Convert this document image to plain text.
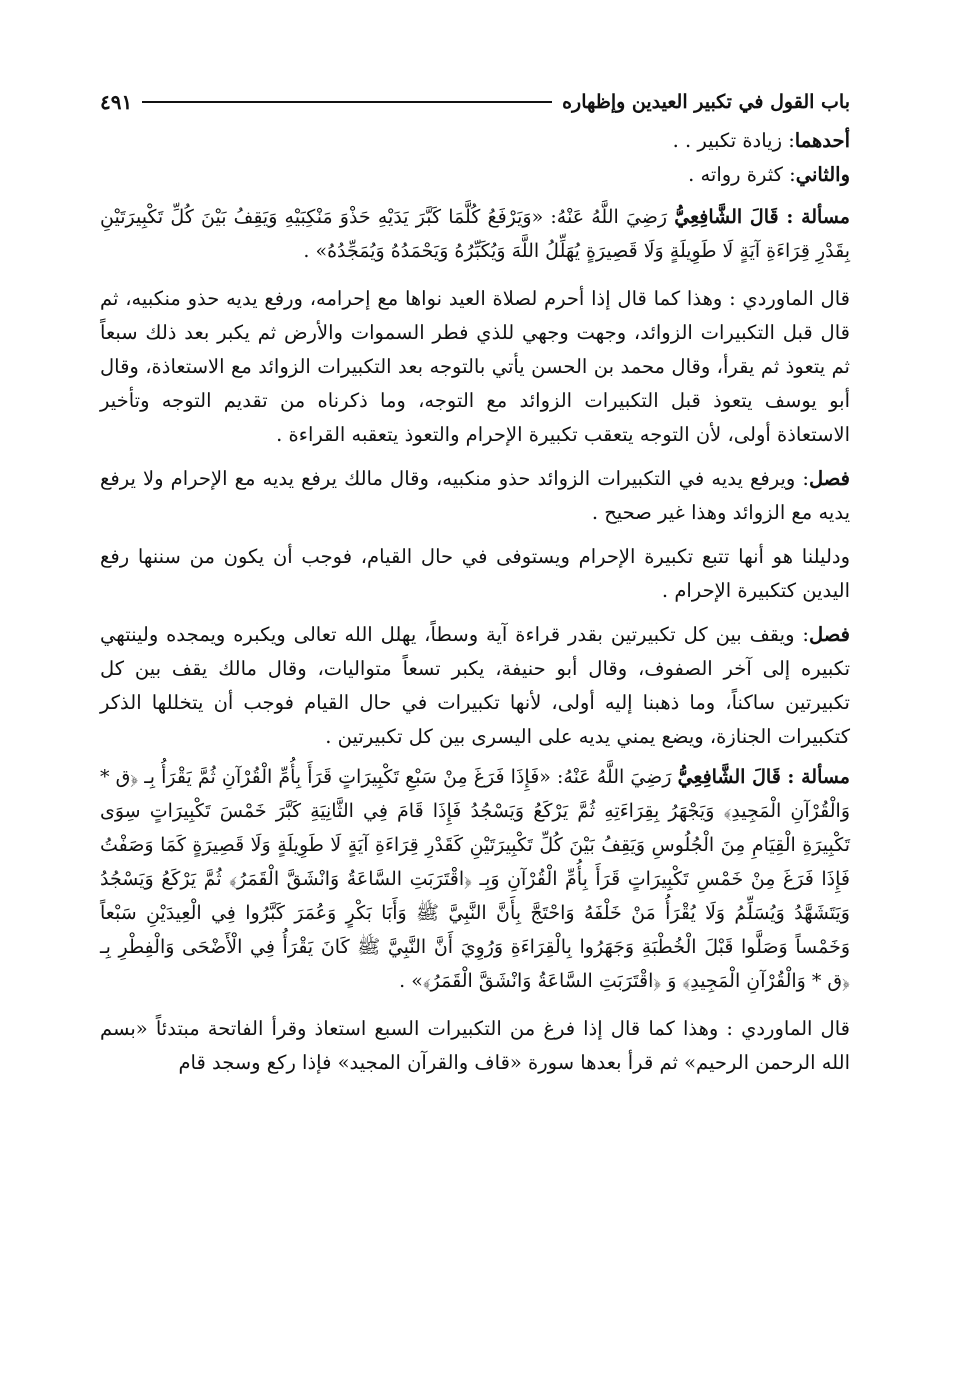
باب القول في تكبير العيدين وإظهاره
٤٩١

أحدهما: زيادة تكبير . .

والثاني: كثرة رواته .

مسألة : قَالَ الشَّافِعِيُّ رَضِيَ اللَّهُ عَنْهُ: «وَيَرْفَعُ كُلَّمَا كَبَّرَ يَدَيْهِ حَذْوَ مَنْكِبَيْهِ وَيَقِفُ بَيْنَ كُلِّ تَكْبِيرَتَيْنِ بِقَدْرِ قِرَاءَةِ آيَةٍ لَا طَوِيلَةٍ وَلَا قَصِيرَةٍ يُهَلِّلُ اللَّهَ وَيُكَبِّرُهُ وَيَحْمَدُهُ وَيُمَجِّدُهُ» .

قال الماوردي : وهذا كما قال إذا أحرم لصلاة العيد نواها مع إحرامه، ورفع يديه حذو منكبيه، ثم قال قبل التكبيرات الزوائد، وجهت وجهي للذي فطر السموات والأرض ثم يكبر بعد ذلك سبعاً ثم يتعوذ ثم يقرأ، وقال محمد بن الحسن يأتي بالتوجه بعد التكبيرات الزوائد مع الاستعاذة، وقال أبو يوسف يتعوذ قبل التكبيرات الزوائد مع التوجه، وما ذكرناه من تقديم التوجه وتأخير الاستعاذة أولى، لأن التوجه يتعقب تكبيرة الإحرام والتعوذ يتعقبه القراءة .

فصل: ويرفع يديه في التكبيرات الزوائد حذو منكبيه، وقال مالك يرفع يديه مع الإحرام ولا يرفع يديه مع الزوائد وهذا غير صحيح .

ودليلنا هو أنها تتبع تكبيرة الإحرام ويستوفى في حال القيام، فوجب أن يكون من سننها رفع اليدين كتكبيرة الإحرام .

فصل: ويقف بين كل تكبيرتين بقدر قراءة آية وسطاً، يهلل الله تعالى ويكبره ويمجده ولينتهي تكبيره إلى آخر الصفوف، وقال أبو حنيفة، يكبر تسعاً متواليات، وقال مالك يقف بين كل تكبيرتين ساكناً، وما ذهبنا إليه أولى، لأنها تكبيرات في حال القيام فوجب أن يتخللها الذكر كتكبيرات الجنازة، ويضع يمني يديه على اليسرى بين كل تكبيرتين .

مسألة : قَالَ الشَّافِعِيُّ رَضِيَ اللَّهُ عَنْهُ: «فَإِذَا فَرَغَ مِنْ سَبْعِ تَكْبِيرَاتٍ قَرَأَ بِأُمِّ الْقُرْآنِ ثُمَّ يَقْرَأُ بِـ ﴿ق * وَالْقُرْآنِ الْمَجِيدِ﴾ وَيَجْهَرُ بِقِرَاءَتِهِ ثُمَّ يَرْكَعُ وَيَسْجُدُ فَإِذَا قَامَ فِي الثَّانِيَةِ كَبَّرَ خَمْسَ تَكْبِيرَاتٍ سِوَى تَكْبِيرَةِ الْقِيَامِ مِنَ الْجُلُوسِ وَيَقِفُ بَيْنَ كُلِّ تَكْبِيرَتَيْنِ كَقَدْرِ قِرَاءَةِ آيَةٍ لَا طَوِيلَةٍ وَلَا قَصِيرَةٍ كَمَا وَصَفْتُ فَإِذَا فَرَغَ مِنْ خَمْسِ تَكْبِيرَاتٍ قَرَأَ بِأُمِّ الْقُرْآنِ وَبِـ ﴿اقْتَرَبَتِ السَّاعَةُ وَانْشَقَّ الْقَمَرُ﴾ ثُمَّ يَرْكَعُ وَيَسْجُدُ وَيَتَشَهَّدُ وَيُسَلِّمُ وَلَا يُقْرَأُ مَنْ خَلْفَهُ وَاحْتَجَّ بِأَنَّ النَّبِيَّ ﷺ وَأَبَا بَكْرٍ وَعُمَرَ كَبَّرُوا فِي الْعِيدَيْنِ سَبْعاً وَخَمْساً وَصَلَّوا قَبْلَ الْخُطْبَةِ وَجَهَرُوا بِالْقِرَاءَةِ وَرُوِيَ أَنَّ النَّبِيَّ ﷺ كَانَ يَقْرَأُ فِي الْأَضْحَى وَالْفِطْرِ بِـ ﴿ق * وَالْقُرْآنِ الْمَجِيدِ﴾ وَ ﴿اقْتَرَبَتِ السَّاعَةُ وَانْشَقَّ الْقَمَرُ﴾» .

قال الماوردي : وهذا كما قال إذا فرغ من التكبيرات السبع استعاذ وقرأ الفاتحة مبتدئاً «بسم الله الرحمن الرحيم» ثم قرأ بعدها سورة «قاف والقرآن المجيد» فإذا ركع وسجد قام
